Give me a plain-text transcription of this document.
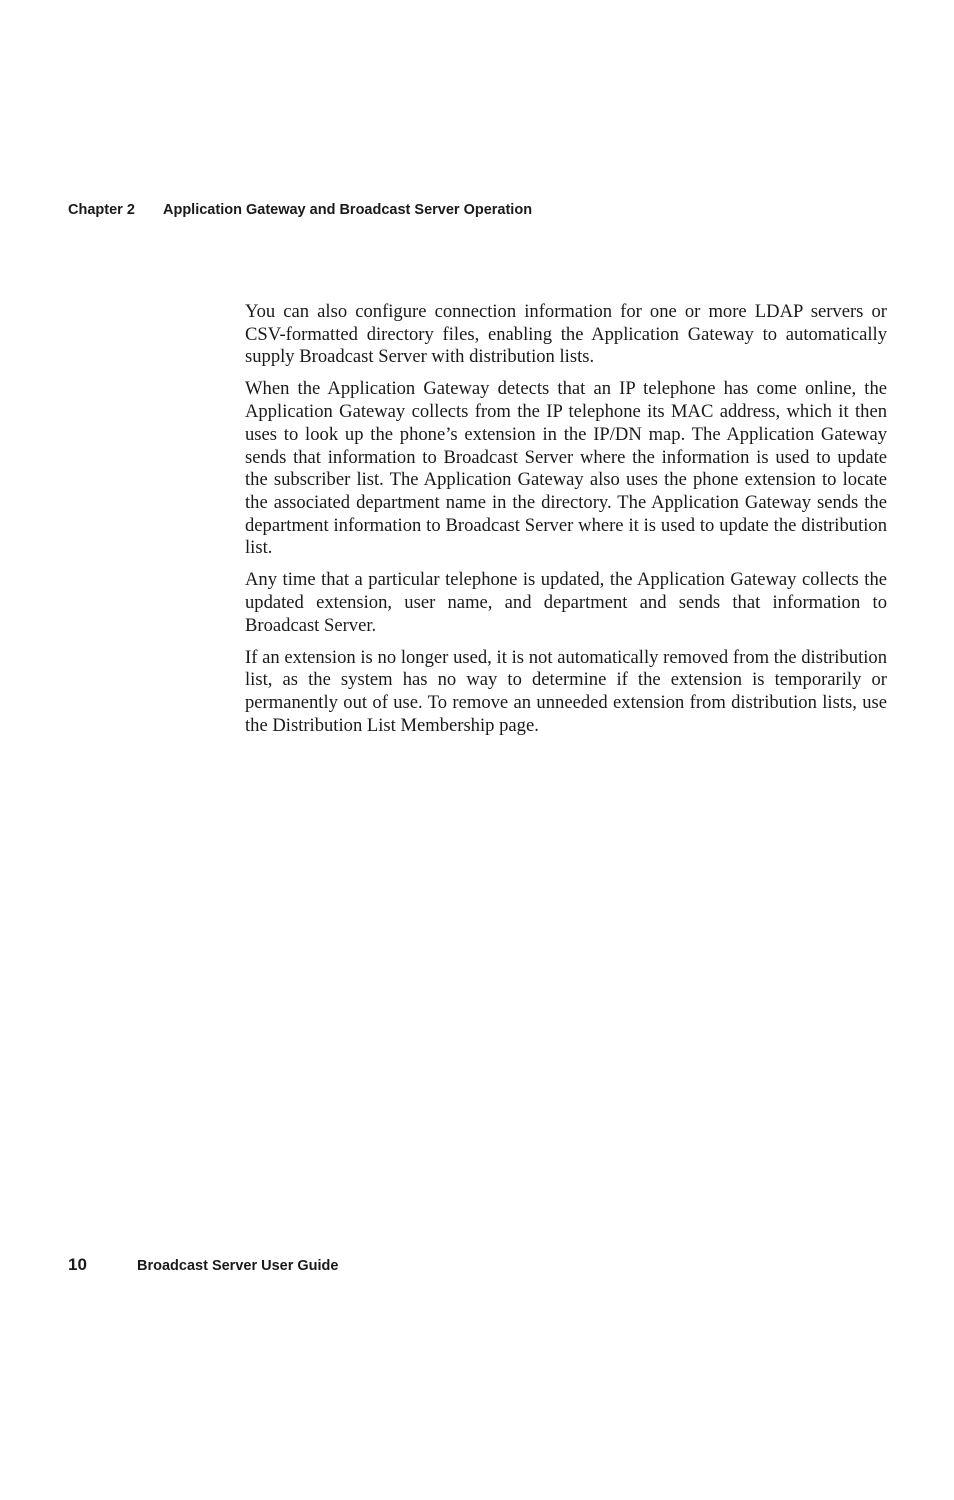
Chapter 2 Application Gateway and Broadcast Server Operation

You can also configure connection information for one or more LDAP servers or CSV-formatted directory files, enabling the Application Gateway to automatically supply Broadcast Server with distribution lists.

When the Application Gateway detects that an IP telephone has come online, the Application Gateway collects from the IP telephone its MAC address, which it then uses to look up the phone’s extension in the IP/DN map. The Application Gateway sends that information to Broadcast Server where the information is used to update the subscriber list. The Application Gateway also uses the phone extension to locate the associated department name in the directory. The Application Gateway sends the department information to Broadcast Server where it is used to update the distribution list.

Any time that a particular telephone is updated, the Application Gateway collects the updated extension, user name, and department and sends that information to Broadcast Server.

If an extension is no longer used, it is not automatically removed from the distribution list, as the system has no way to determine if the extension is temporarily or permanently out of use. To remove an unneeded extension from distribution lists, use the Distribution List Membership page.

10	Broadcast Server User Guide
